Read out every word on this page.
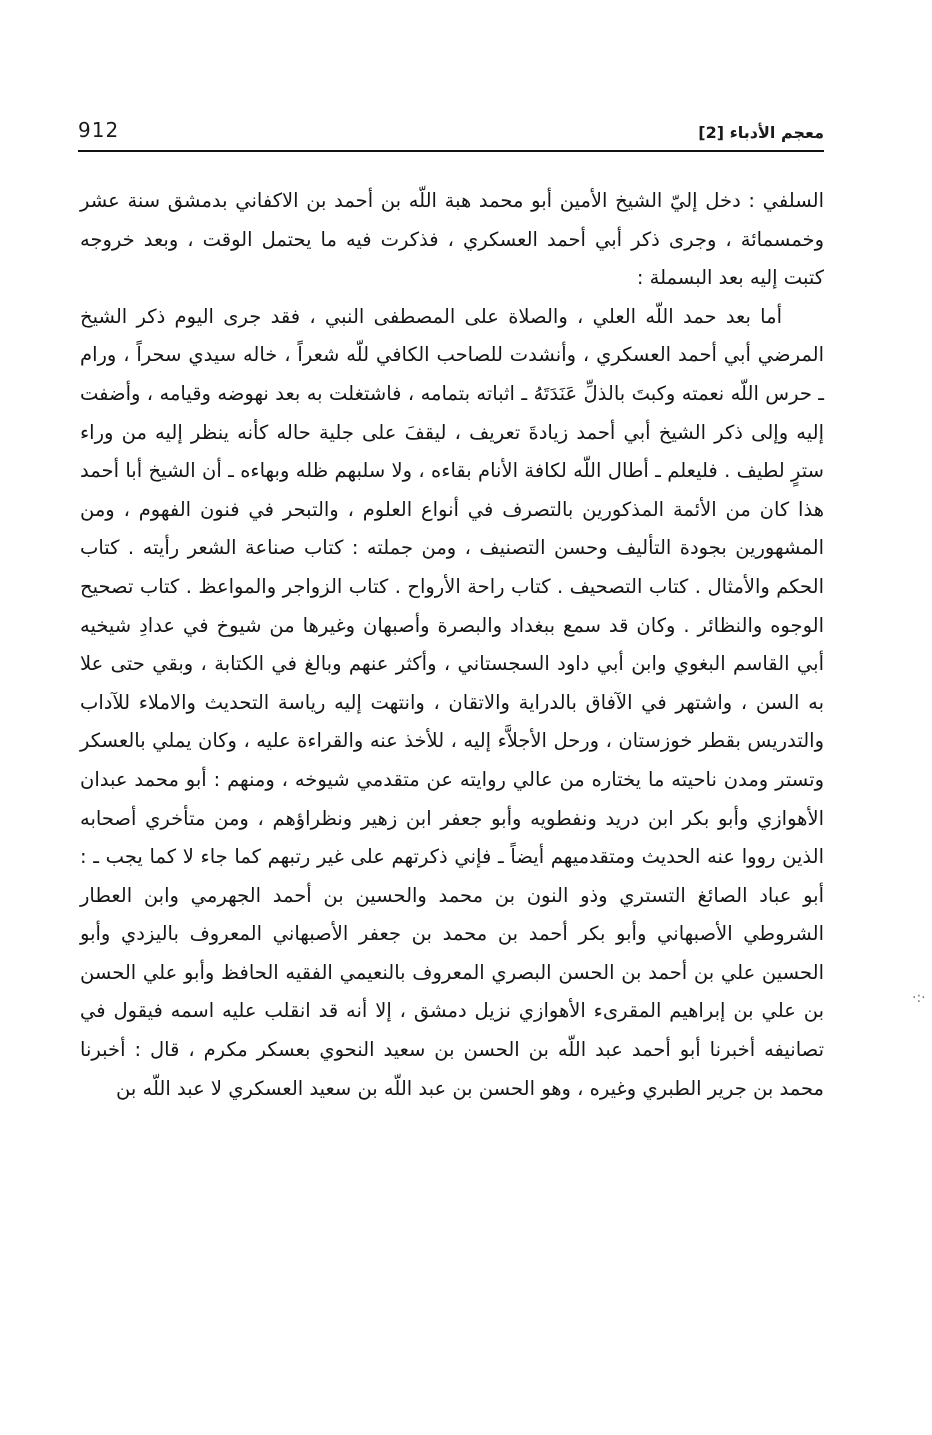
912	معجم الأدباء [2]

السلفي : دخل إليّ الشيخ الأمين أبو محمد هبة اللّه بن أحمد بن الاكفاني بدمشق سنة عشر وخمسمائة ، وجرى ذكر أبي أحمد العسكري ، فذكرت فيه ما يحتمل الوقت ، وبعد خروجه كتبت إليه بعد البسملة :

أما بعد حمد اللّه العلي ، والصلاة على المصطفى النبي ، فقد جرى اليوم ذكر الشيخ المرضي أبي أحمد العسكري ، وأنشدت للصاحب الكافي للّه شعراً ، خاله سيدي سحراً ، ورام ـ حرس اللّه نعمته وكبتَ بالذلِّ عَنَدَتَهُ ـ اثباته بتمامه ، فاشتغلت به بعد نهوضه وقيامه ، وأضفت إليه وإلى ذكر الشيخ أبي أحمد زيادةَ تعريف ، ليقفَ على جلية حاله كأنه ينظر إليه من وراء سترٍ لطيف . فليعلم ـ أطال اللّه لكافة الأنام بقاءه ، ولا سلبهم ظله وبهاءه ـ أن الشيخ أبا أحمد هذا كان من الأئمة المذكورين بالتصرف في أنواع العلوم ، والتبحر في فنون الفهوم ، ومن المشهورين بجودة التأليف وحسن التصنيف ، ومن جملته : كتاب صناعة الشعر رأيته . كتاب الحكم والأمثال . كتاب التصحيف . كتاب راحة الأرواح . كتاب الزواجر والمواعظ . كتاب تصحيح الوجوه والنظائر . وكان قد سمع ببغداد والبصرة وأصبهان وغيرها من شيوخ في عدادِ شيخيه أبي القاسم البغوي وابن أبي داود السجستاني ، وأكثر عنهم وبالغ في الكتابة ، وبقي حتى علا به السن ، واشتهر في الآفاق بالدراية والاتقان ، وانتهت إليه رياسة التحديث والاملاء للآداب والتدريس بقطر خوزستان ، ورحل الأجلاَّء إليه ، للأخذ عنه والقراءة عليه ، وكان يملي بالعسكر وتستر ومدن ناحيته ما يختاره من عالي روايته عن متقدمي شيوخه ، ومنهم : أبو محمد عبدان الأهوازي وأبو بكر ابن دريد ونفطويه وأبو جعفر ابن زهير ونظراؤهم ، ومن متأخري أصحابه الذين رووا عنه الحديث ومتقدميهم أيضاً ـ فإني ذكرتهم على غير رتبهم كما جاء لا كما يجب ـ : أبو عباد الصائغ التستري وذو النون بن محمد والحسين بن أحمد الجهرمي وابن العطار الشروطي الأصبهاني وأبو بكر أحمد بن محمد بن جعفر الأصبهاني المعروف باليزدي وأبو الحسين علي بن أحمد بن الحسن البصري المعروف بالنعيمي الفقيه الحافظ وأبو علي الحسن بن علي بن إبراهيم المقرىء الأهوازي نزيل دمشق ، إلا أنه قد انقلب عليه اسمه فيقول في تصانيفه أخبرنا أبو أحمد عبد اللّه بن الحسن بن سعيد النحوي بعسكر مكرم ، قال : أخبرنا محمد بن جرير الطبري وغيره ، وهو الحسن بن عبد اللّه بن سعيد العسكري لا عبد اللّه بن

·:·
